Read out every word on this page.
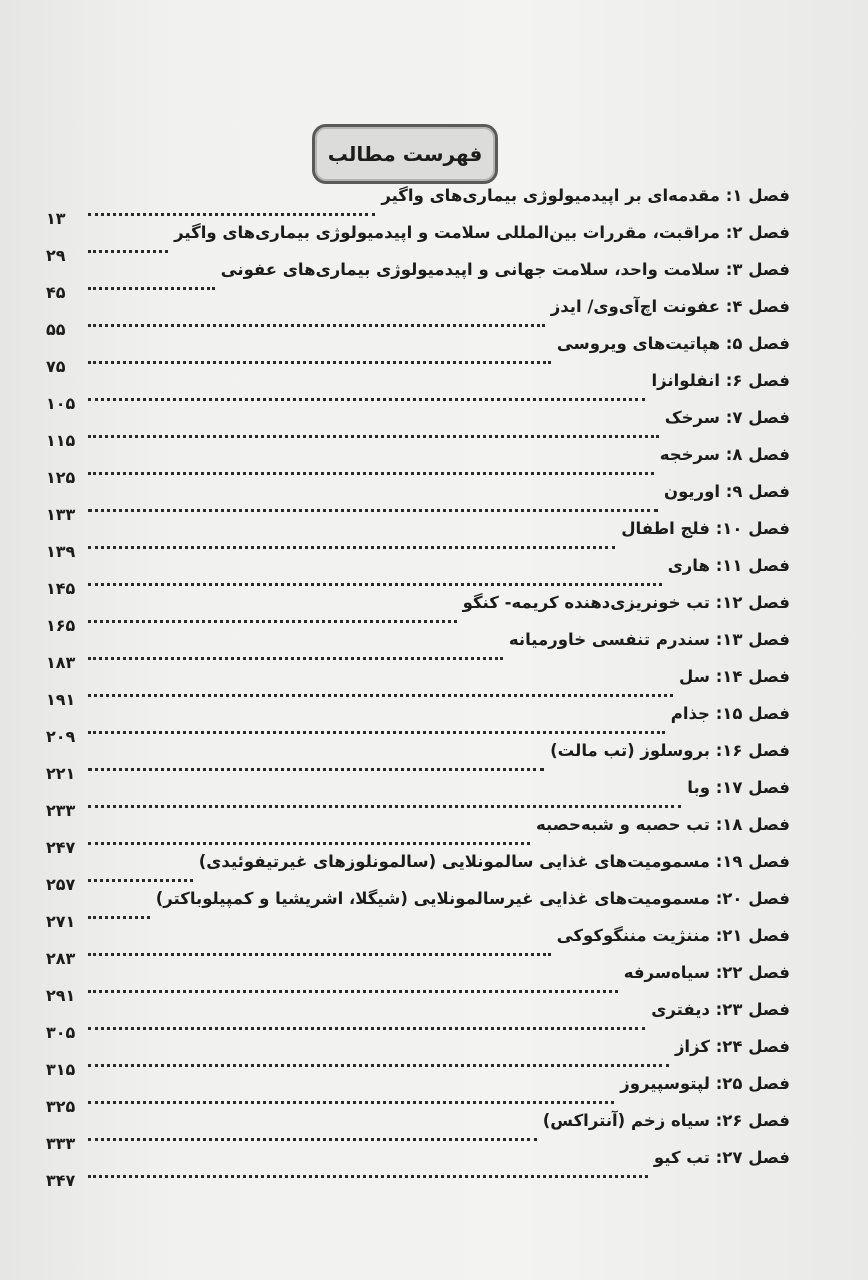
فهرست مطالب
فصل ۱: مقدمه‌ای بر اپیدمیولوژی بیماری‌های واگیر
۱۳
فصل ۲: مراقبت، مقررات بین‌المللی سلامت و اپیدمیولوژی بیماری‌های واگیر
۲۹
فصل ۳: سلامت واحد، سلامت جهانی و اپیدمیولوژی بیماری‌های عفونی
۴۵
فصل ۴: عفونت اچ‌آی‌وی/ ایدز
۵۵
فصل ۵: هپاتیت‌های ویروسی
۷۵
فصل ۶: انفلوانزا
۱۰۵
فصل ۷: سرخک
۱۱۵
فصل ۸: سرخجه
۱۲۵
فصل ۹: اوریون
۱۳۳
فصل ۱۰: فلج اطفال
۱۳۹
فصل ۱۱: هاری
۱۴۵
فصل ۱۲: تب خونریزی‌دهنده کریمه- کنگو
۱۶۵
فصل ۱۳: سندرم تنفسی خاورمیانه
۱۸۳
فصل ۱۴: سل
۱۹۱
فصل ۱۵: جذام
۲۰۹
فصل ۱۶: بروسلوز (تب مالت)
۲۲۱
فصل ۱۷: وبا
۲۳۳
فصل ۱۸: تب حصبه و شبه‌حصبه
۲۴۷
فصل ۱۹: مسمومیت‌های غذایی سالمونلایی (سالمونلوزهای غیرتیفوئیدی)
۲۵۷
فصل ۲۰: مسمومیت‌های غذایی غیرسالمونلایی (شیگلا، اشریشیا و کمپیلوباکتر)
۲۷۱
فصل ۲۱: مننژیت مننگوکوکی
۲۸۳
فصل ۲۲: سیاه‌سرفه
۲۹۱
فصل ۲۳: دیفتری
۳۰۵
فصل ۲۴: کزاز
۳۱۵
فصل ۲۵: لپتوسپیروز
۳۲۵
فصل ۲۶: سیاه زخم (آنتراکس)
۳۳۳
فصل ۲۷: تب کیو
۳۴۷
